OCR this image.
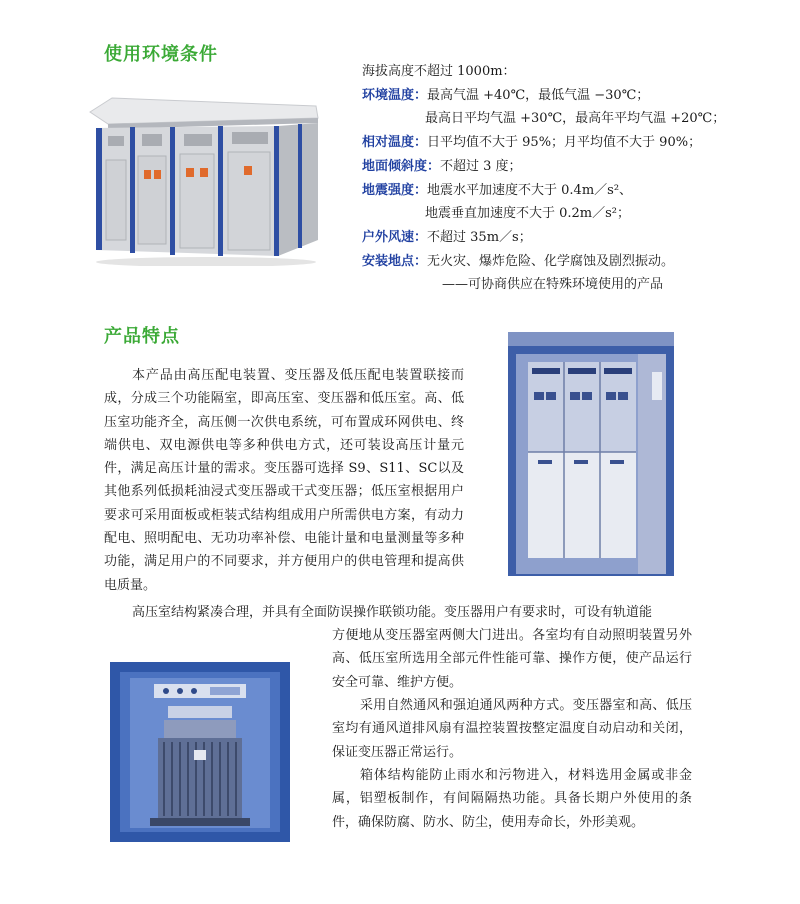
使用环境条件
海拔高度不超过 1000m：
环境温度：最高气温 +40℃，最低气温 −30℃；
最高日平均气温 +30℃，最高年平均气温 +20℃；
相对温度：日平均值不大于 95%；月平均值不大于 90%；
地面倾斜度：不超过 3 度；
地震强度：地震水平加速度不大于 0.4m／s²、
地震垂直加速度不大于 0.2m／s²；
户外风速：不超过 35m／s；
安装地点：无火灾、爆炸危险、化学腐蚀及剧烈振动。
——可协商供应在特殊环境使用的产品
产品特点

本产品由高压配电装置、变压器及低压配电装置联接而成，分成三个功能隔室，即高压室、变压器和低压室。高、低压室功能齐全，高压侧一次供电系统，可布置成环网供电、终端供电、双电源供电等多种供电方式，还可装设高压计量元件，满足高压计量的需求。变压器可选择 S9、S11、SC以及其他系列低损耗油浸式变压器或干式变压器；低压室根据用户要求可采用面板或柜装式结构组成用户所需供电方案，有动力配电、照明配电、无功功率补偿、电能计量和电量测量等多种功能，满足用户的不同要求，并方便用户的供电管理和提高供电质量。

高压室结构紧凑合理，并具有全面防误操作联锁功能。变压器用户有要求时，可设有轨道能

方便地从变压器室两侧大门进出。各室均有自动照明装置另外高、低压室所选用全部元件性能可靠、操作方便，使产品运行安全可靠、维护方便。

采用自然通风和强迫通风两种方式。变压器室和高、低压室均有通风道排风扇有温控装置按整定温度自动启动和关闭，保证变压器正常运行。

箱体结构能防止雨水和污物进入，材料选用金属或非金属，铝塑板制作，有间隔隔热功能。具备长期户外使用的条件，确保防腐、防水、防尘，使用寿命长，外形美观。
